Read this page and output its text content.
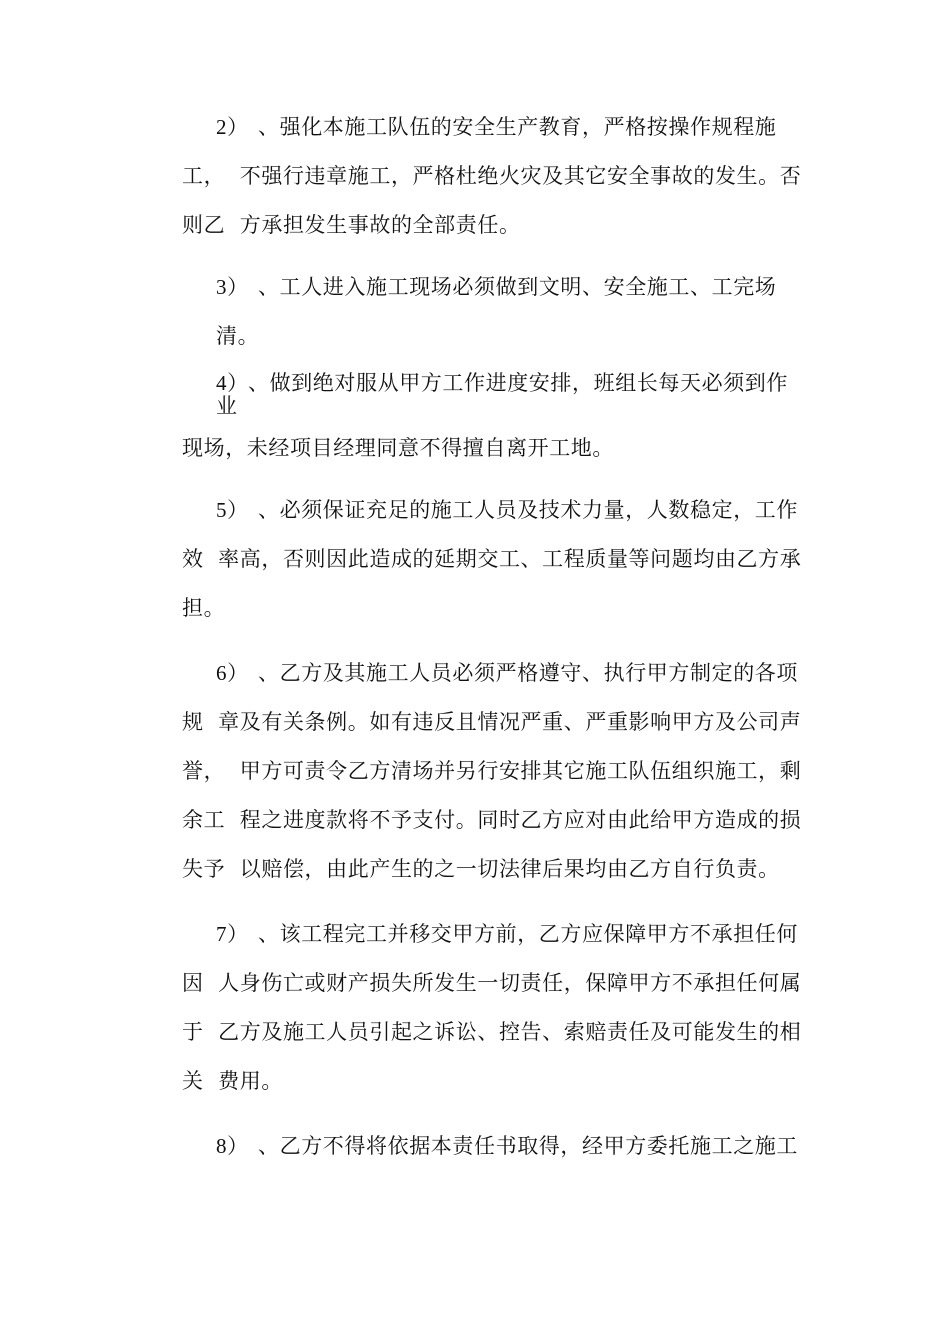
2） 、强化本施工队伍的安全生产教育，严格按操作规程施
工，  不强行违章施工，严格杜绝火灾及其它安全事故的发生。否
则乙  方承担发生事故的全部责任。
3） 、工人进入施工现场必须做到文明、安全施工、工完场
清。
4） 、做到绝对服从甲方工作进度安排，班组长每天必须到作
业
现场，未经项目经理同意不得擅自离开工地。
5） 、必须保证充足的施工人员及技术力量，人数稳定，工作
效  率高，否则因此造成的延期交工、工程质量等问题均由乙方承
担。
6） 、乙方及其施工人员必须严格遵守、执行甲方制定的各项
规  章及有关条例。如有违反且情况严重、严重影响甲方及公司声
誉，  甲方可责令乙方清场并另行安排其它施工队伍组织施工，剩
余工  程之进度款将不予支付。同时乙方应对由此给甲方造成的损
失予  以赔偿，由此产生的之一切法律后果均由乙方自行负责。
7） 、该工程完工并移交甲方前，乙方应保障甲方不承担任何
因  人身伤亡或财产损失所发生一切责任，保障甲方不承担任何属
于  乙方及施工人员引起之诉讼、控告、索赔责任及可能发生的相
关  费用。
8） 、乙方不得将依据本责任书取得，经甲方委托施工之施工
